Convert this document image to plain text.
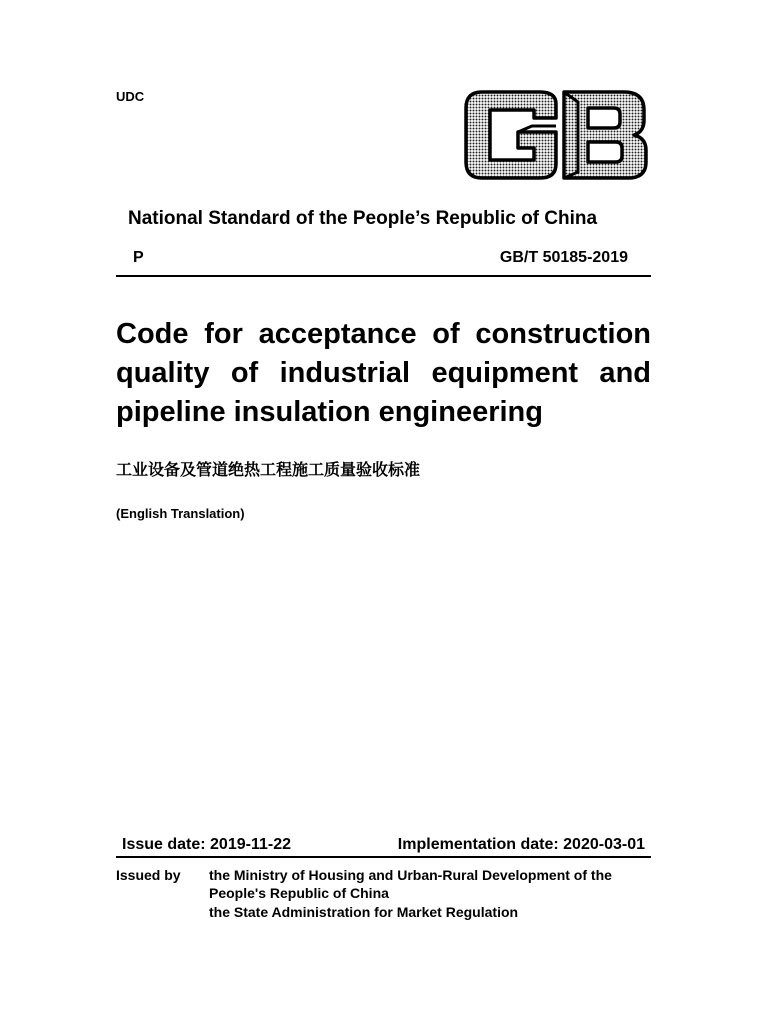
UDC
National Standard of the People’s Republic of China
P	GB/T 50185-2019
Code for acceptance of construction quality of industrial equipment and pipeline insulation engineering
工业设备及管道绝热工程施工质量验收标准
(English Translation)
Issue date: 2019-11-22	Implementation date: 2020-03-01
Issued by the Ministry of Housing and Urban-Rural Development of the
People's Republic of China
the State Administration for Market Regulation
